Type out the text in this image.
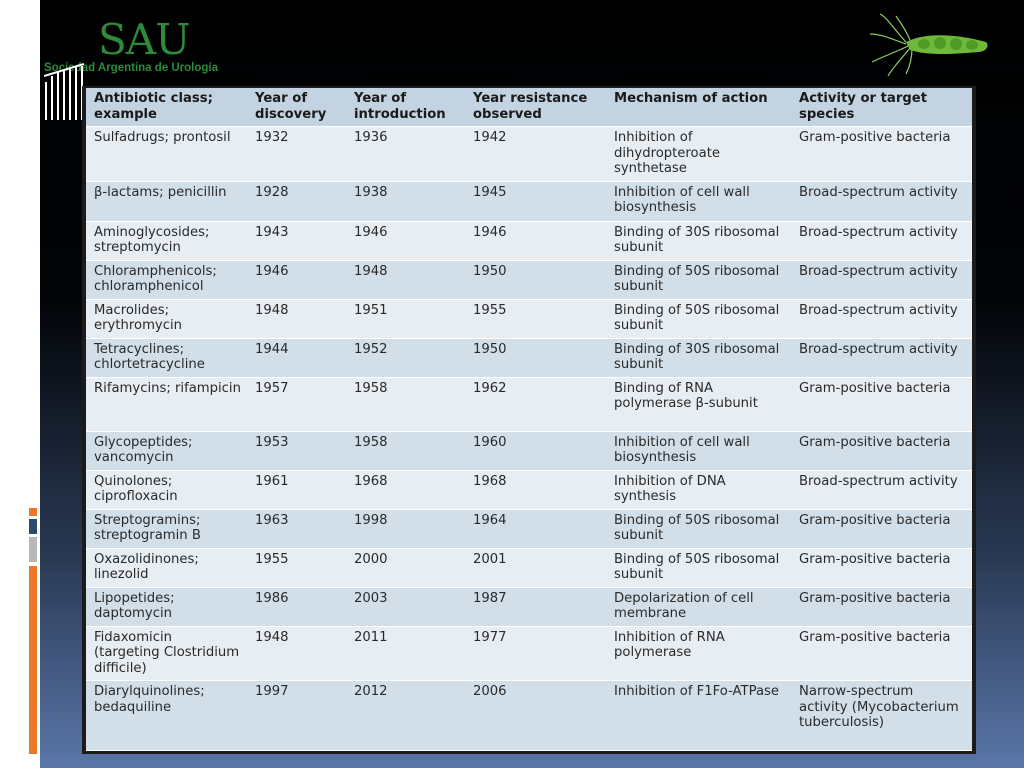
SAU
Sociedad Argentina de Urología
Antibiotic class; example	Year of discovery	Year of introduction	Year resistance observed	Mechanism of action	Activity or target species
Sulfadrugs; prontosil	1932	1936	1942	Inhibition of dihydropteroate synthetase	Gram-positive bacteria
β-lactams; penicillin	1928	1938	1945	Inhibition of cell wall biosynthesis	Broad-spectrum activity
Aminoglycosides; streptomycin	1943	1946	1946	Binding of 30S ribosomal subunit	Broad-spectrum activity
Chloramphenicols; chloramphenicol	1946	1948	1950	Binding of 50S ribosomal subunit	Broad-spectrum activity
Macrolides; erythromycin	1948	1951	1955	Binding of 50S ribosomal subunit	Broad-spectrum activity
Tetracyclines; chlortetracycline	1944	1952	1950	Binding of 30S ribosomal subunit	Broad-spectrum activity
Rifamycins; rifampicin	1957	1958	1962	Binding of RNA polymerase β-subunit	Gram-positive bacteria
Glycopeptides; vancomycin	1953	1958	1960	Inhibition of cell wall biosynthesis	Gram-positive bacteria
Quinolones; ciprofloxacin	1961	1968	1968	Inhibition of DNA synthesis	Broad-spectrum activity
Streptogramins; streptogramin B	1963	1998	1964	Binding of 50S ribosomal subunit	Gram-positive bacteria
Oxazolidinones; linezolid	1955	2000	2001	Binding of 50S ribosomal subunit	Gram-positive bacteria
Lipopetides; daptomycin	1986	2003	1987	Depolarization of cell membrane	Gram-positive bacteria
Fidaxomicin (targeting Clostridium difficile)	1948	2011	1977	Inhibition of RNA polymerase	Gram-positive bacteria
Diarylquinolines; bedaquiline	1997	2012	2006	Inhibition of F1Fo-ATPase	Narrow-spectrum activity (Mycobacterium tuberculosis)
